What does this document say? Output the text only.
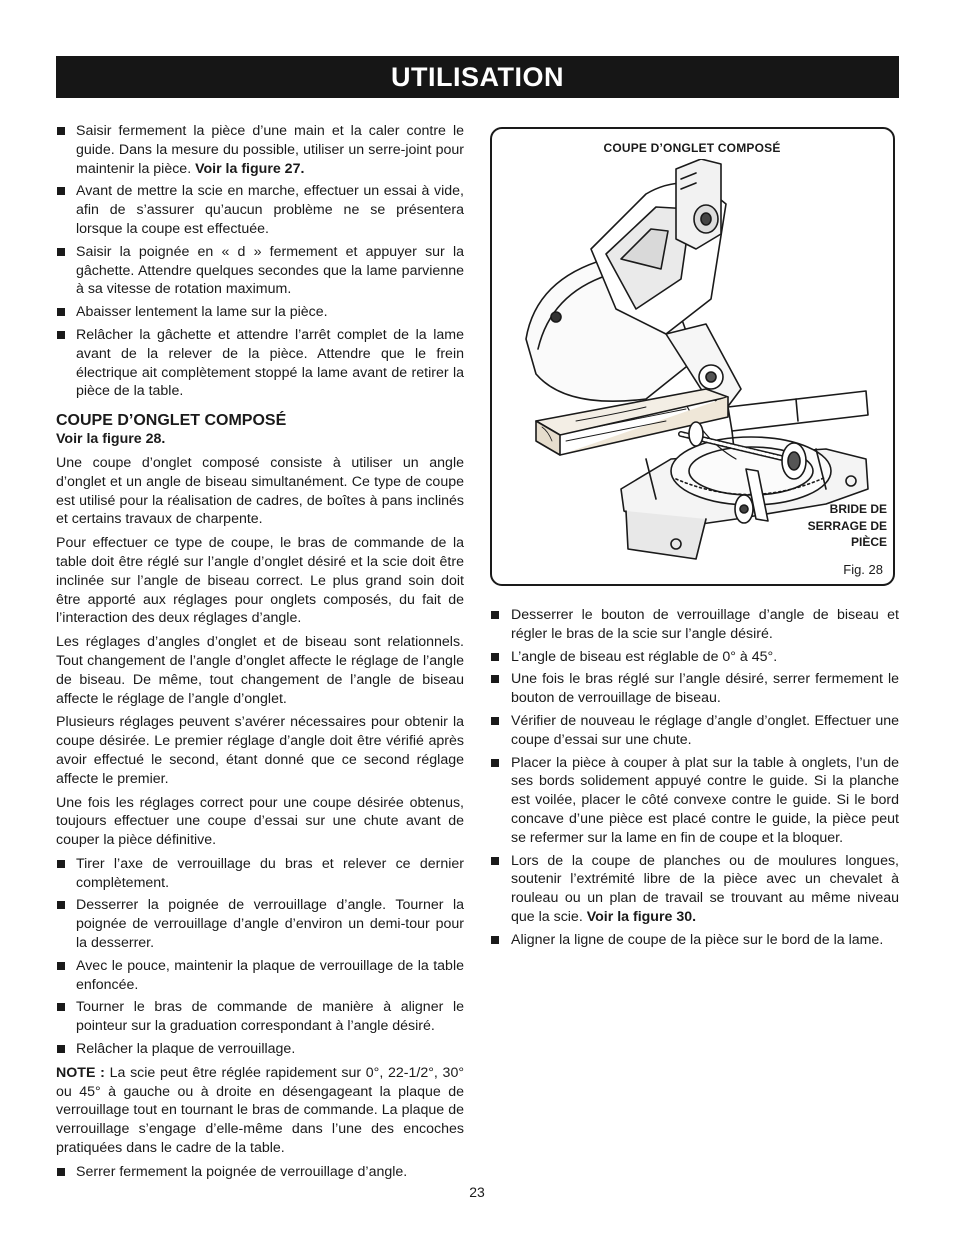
UTILISATION
Saisir fermement la pièce d’une main et la caler contre le guide. Dans la mesure du possible, utiliser un serre-joint pour maintenir la pièce. Voir la figure 27.
Avant de mettre la scie en marche, effectuer un essai à vide, afin de s’assurer qu’aucun problème ne se présentera lorsque la coupe est effectuée.
Saisir la poignée en « d » fermement et appuyer sur la gâchette. Attendre quelques secondes que la lame parvienne à sa vitesse de rotation maximum.
Abaisser lentement la lame sur la pièce.
Relâcher la gâchette et attendre l’arrêt complet de la lame avant de la relever de la pièce. Attendre que le frein électrique ait complètement stoppé la lame avant de retirer la pièce de la table.
COUPE D’ONGLET COMPOSÉ
Voir la figure 28.

Une coupe d’onglet composé consiste à utiliser un angle d’onglet et un angle de biseau simultanément. Ce type de coupe est utilisé pour la réalisation de cadres, de boîtes à pans inclinés et certains travaux de charpente.

Pour effectuer ce type de coupe, le bras de commande de la table doit être réglé sur l’angle d’onglet désiré et la scie doit être inclinée sur l’angle de biseau correct. Le plus grand soin doit être apporté aux réglages pour onglets composés, du fait de l’interaction des deux réglages d’angle.

Les réglages d’angles d’onglet et de biseau sont relationnels. Tout changement de l’angle d’onglet affecte le réglage de l’angle de biseau. De même, tout changement de l’angle de biseau affecte le réglage de l’angle d’onglet.

Plusieurs réglages peuvent s’avérer nécessaires pour obtenir la coupe désirée. Le premier réglage d’angle doit être vérifié après avoir effectué le second, étant donné que ce second réglage affecte le premier.

Une fois les réglages correct pour une coupe désirée obtenus, toujours effectuer une coupe d’essai sur une chute avant de couper la pièce définitive.

Tirer l’axe de verrouillage du bras et relever ce dernier complètement.
Desserrer la poignée de verrouillage d’angle. Tourner la poignée de verrouillage d’angle d’environ un demi-tour pour la desserrer.
Avec le pouce, maintenir la plaque de verrouillage de la table enfoncée.
Tourner le bras de commande de manière à aligner le pointeur sur la graduation correspondant à l’angle désiré.
Relâcher la plaque de verrouillage.

NOTE : La scie peut être réglée rapidement sur 0°, 22-1/2°, 30° ou 45° à gauche ou à droite en désengageant la plaque de verrouillage tout en tournant le bras de commande. La plaque de verrouillage s’engage d’elle-même dans l’une des encoches pratiquées dans le cadre de la table.

Serrer fermement la poignée de verrouillage d’angle.
COUPE D’ONGLET COMPOSÉ
BRIDE DE
SERRAGE DE
PIÈCE
Fig. 28
Desserrer le bouton de verrouillage d’angle de biseau et régler le bras de la scie sur l’angle désiré.
L’angle de biseau est réglable de 0° à 45°.
Une fois le bras réglé sur l’angle désiré, serrer fermement le bouton de verrouillage de biseau.
Vérifier de nouveau le réglage d’angle d’onglet. Effectuer une coupe d’essai sur une chute.
Placer la pièce à couper à plat sur la table à onglets, l’un de ses bords solidement appuyé contre le guide. Si la planche est voilée, placer le côté convexe contre le guide. Si le bord concave d’une pièce est placé contre le guide, la pièce peut se refermer sur la lame en fin de coupe et la bloquer.
Lors de la coupe de planches ou de moulures longues, soutenir l’extrémité libre de la pièce avec un chevalet à rouleau ou un plan de travail se trouvant au même niveau que la scie. Voir la figure 30.
Aligner la ligne de coupe de la pièce sur le bord de la lame.
23
